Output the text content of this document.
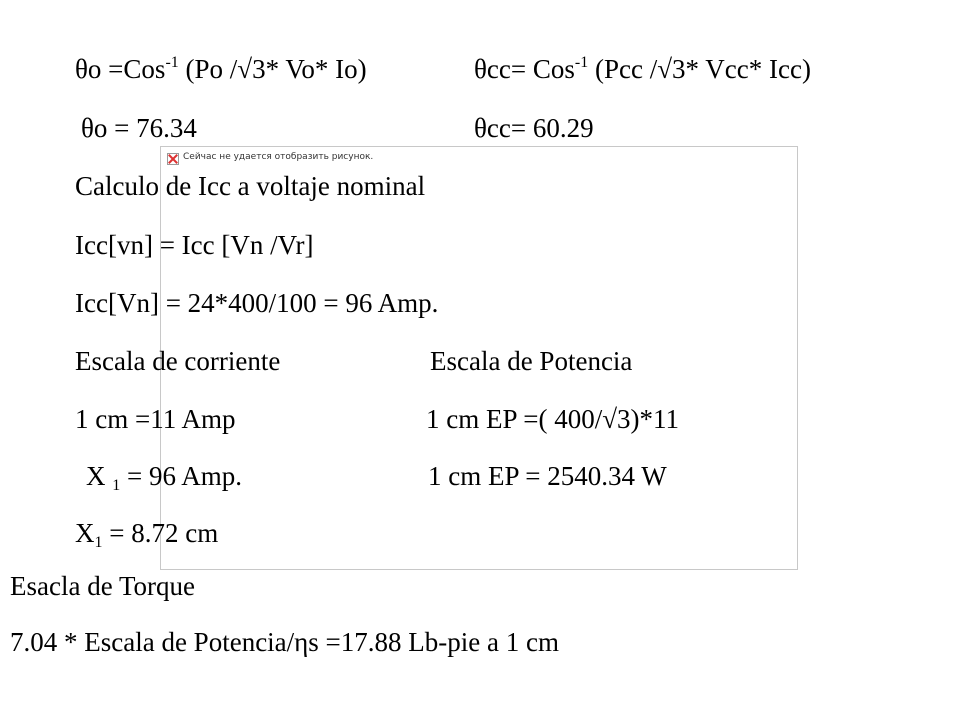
Сейчас не удается отобразить рисунок.
θo =Cos$^{-1}$ (Po /√3* Vo* Io)	θcc= Cos$^{-1}$ (Pcc /√3* Vcc* Icc)
θo = 76.34	θcc= 60.29
Calculo de Icc a voltaje nominal
Icc[vn] = Icc [Vn /Vr]
Icc[Vn] = 24*400/100 = 96 Amp.
Escala de corriente	Escala de Potencia
1 cm =11 Amp	1 cm EP =( 400/√3)*11
X $_1$ = 96 Amp.	1 cm EP = 2540.34 W
$X_1 = 8.72$ cm
Esacla de Torque
7.04 * Escala de Potencia/ηs =17.88 Lb-pie a 1 cm
